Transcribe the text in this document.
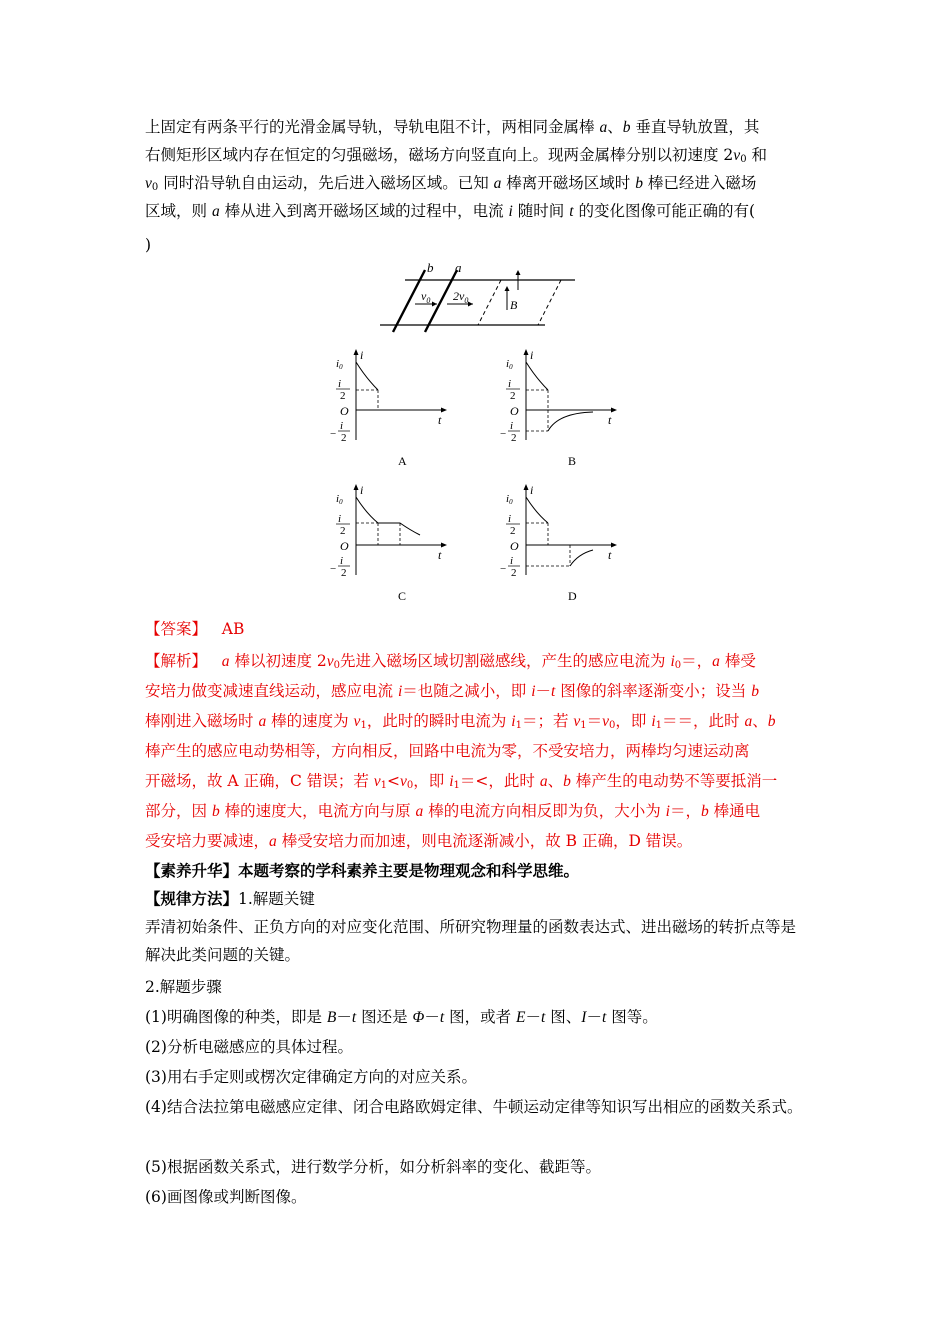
上固定有两条平行的光滑金属导轨，导轨电阻不计，两相同金属棒 a、b 垂直导轨放置，其
右侧矩形区域内存在恒定的匀强磁场，磁场方向竖直向上。现两金属棒分别以初速度 $2v_0$ 和
$v_0$ 同时沿导轨自由运动，先后进入磁场区域。已知 a 棒离开磁场区域时 b 棒已经进入磁场
区域，则 a 棒从进入到离开磁场区域的过程中，电流 i 随时间 t 的变化图像可能正确的有(
)
b a
$v_0$ $2v_0$	B
i
i0
i
2
O
t
−
i
2
A
i
i0
i
2
O
t
−
i
2
B
i
i0
i
2
O
t
−
i
2
C
i
i0
i
2
O
t
−
i
2
D
【答案】 AB
【解析】 a 棒以初速度 $2v_0$先进入磁场区域切割磁感线，产生的感应电流为 $i_0=$，a 棒受
安培力做变减速直线运动，感应电流 i＝也随之减小，即 i－t 图像的斜率逐渐变小；设当 b
棒刚进入磁场时 a 棒的速度为 $v_1$，此时的瞬时电流为 $i_1=$；若 $v_1=v_0$，即 $i_1==$，此时 a、b
棒产生的感应电动势相等，方向相反，回路中电流为零，不受安培力，两棒均匀速运动离
开磁场，故 A 正确，C 错误；若 $v_1<v_0$，即 $i_1=<$，此时 a、b 棒产生的电动势不等要抵消一
部分，因 b 棒的速度大，电流方向与原 a 棒的电流方向相反即为负，大小为 i＝，b 棒通电
受安培力要减速，a 棒受安培力而加速，则电流逐渐减小，故 B 正确，D 错误。
【素养升华】本题考察的学科素养主要是物理观念和科学思维。
【规律方法】1.解题关键
弄清初始条件、正负方向的对应变化范围、所研究物理量的函数表达式、进出磁场的转折点等是解决此类问题的关键。
2.解题步骤
(1)明确图像的种类，即是 B－t 图还是 Φ－t 图，或者 E－t 图、I－t 图等。
(2)分析电磁感应的具体过程。
(3)用右手定则或楞次定律确定方向的对应关系。
(4)结合法拉第电磁感应定律、闭合电路欧姆定律、牛顿运动定律等知识写出相应的函数关系式。
(5)根据函数关系式，进行数学分析，如分析斜率的变化、截距等。
(6)画图像或判断图像。
